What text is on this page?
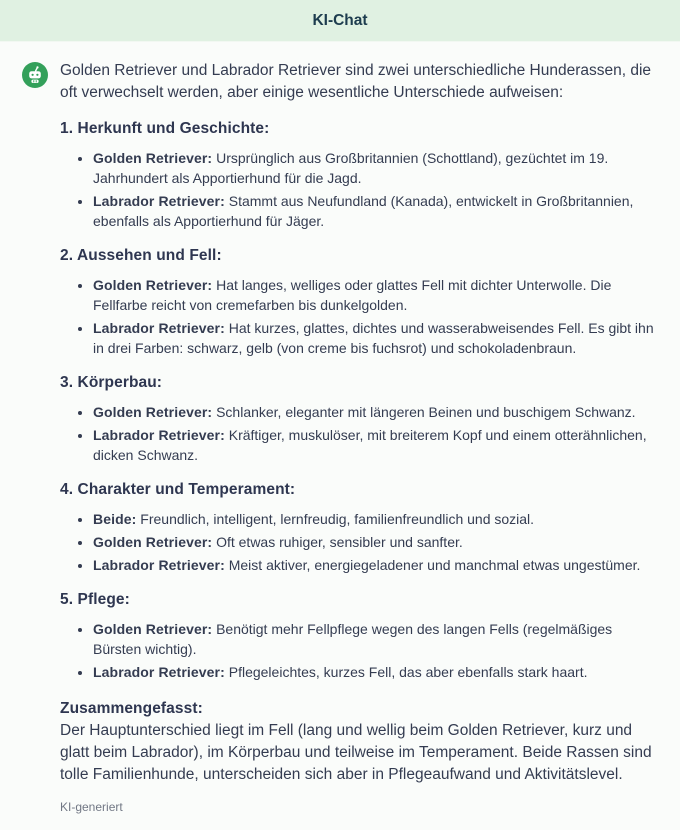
KI-Chat

Golden Retriever und Labrador Retriever sind zwei unterschiedliche Hunderassen, die oft verwechselt werden, aber einige wesentliche Unterschiede aufweisen:

1. Herkunft und Geschichte:
• Golden Retriever: Ursprünglich aus Großbritannien (Schottland), gezüchtet im 19. Jahrhundert als Apportierhund für die Jagd.
• Labrador Retriever: Stammt aus Neufundland (Kanada), entwickelt in Großbritannien, ebenfalls als Apportierhund für Jäger.
2. Aussehen und Fell:
• Golden Retriever: Hat langes, welliges oder glattes Fell mit dichter Unterwolle. Die Fellfarbe reicht von cremefarben bis dunkelgolden.
• Labrador Retriever: Hat kurzes, glattes, dichtes und wasserabweisendes Fell. Es gibt ihn in drei Farben: schwarz, gelb (von creme bis fuchsrot) und schokoladenbraun.
3. Körperbau:
• Golden Retriever: Schlanker, eleganter mit längeren Beinen und buschigem Schwanz.
• Labrador Retriever: Kräftiger, muskulöser, mit breiterem Kopf und einem otterähnlichen, dicken Schwanz.
4. Charakter und Temperament:
• Beide: Freundlich, intelligent, lernfreudig, familienfreundlich und sozial.
• Golden Retriever: Oft etwas ruhiger, sensibler und sanfter.
• Labrador Retriever: Meist aktiver, energiegeladener und manchmal etwas ungestümer.
5. Pflege:
• Golden Retriever: Benötigt mehr Fellpflege wegen des langen Fells (regelmäßiges Bürsten wichtig).
• Labrador Retriever: Pflegeleichtes, kurzes Fell, das aber ebenfalls stark haart.
Zusammengefasst:

Der Hauptunterschied liegt im Fell (lang und wellig beim Golden Retriever, kurz und glatt beim Labrador), im Körperbau und teilweise im Temperament. Beide Rassen sind tolle Familienhunde, unterscheiden sich aber in Pflegeaufwand und Aktivitätslevel.

KI-generiert
